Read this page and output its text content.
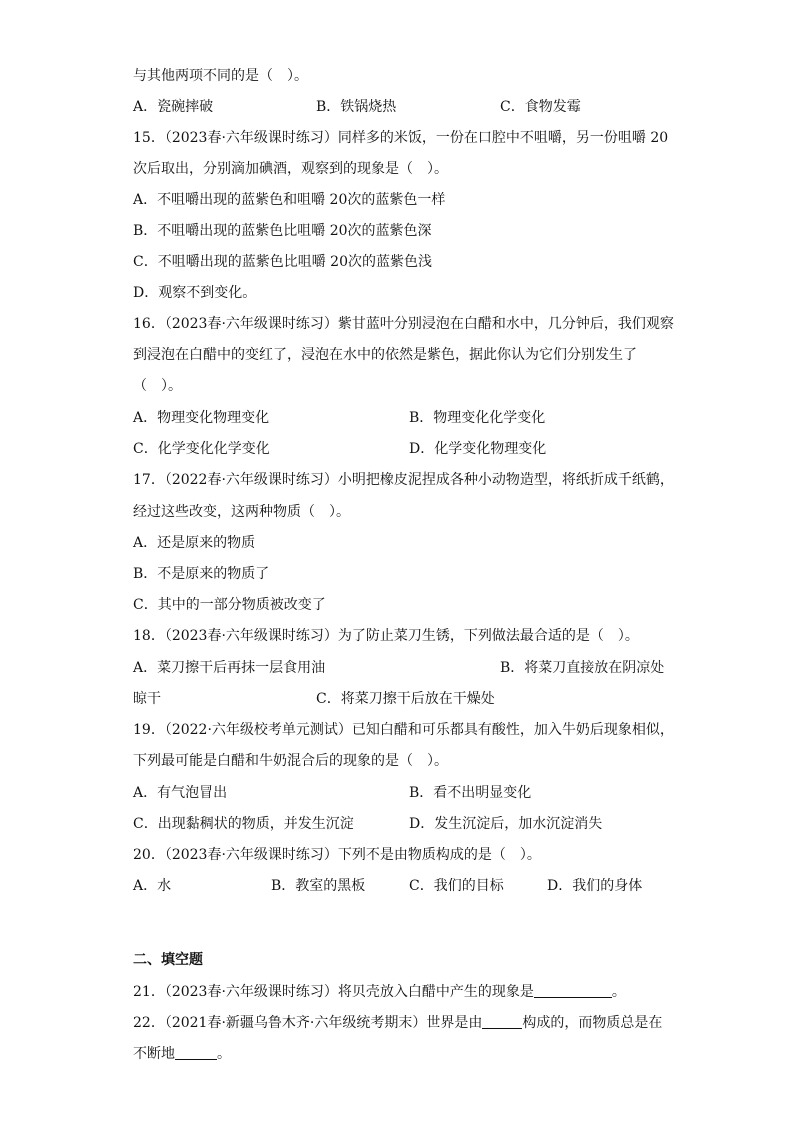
与其他两项不同的是（　）。
A．瓷碗摔破	B．铁锅烧热	C．食物发霉
15．（2023春·六年级课时练习）同样多的米饭，一份在口腔中不咀嚼，另一份咀嚼 20
次后取出，分别滴加碘酒，观察到的现象是（　）。
A．不咀嚼出现的蓝紫色和咀嚼 20次的蓝紫色一样
B．不咀嚼出现的蓝紫色比咀嚼 20次的蓝紫色深
C．不咀嚼出现的蓝紫色比咀嚼 20次的蓝紫色浅
D．观察不到变化。
16．（2023春·六年级课时练习）紫甘蓝叶分别浸泡在白醋和水中，几分钟后，我们观察
到浸泡在白醋中的变红了，浸泡在水中的依然是紫色，据此你认为它们分别发生了
（　）。
A．物理变化物理变化	B．物理变化化学变化
C．化学变化化学变化	D．化学变化物理变化
17．（2022春·六年级课时练习）小明把橡皮泥捏成各种小动物造型，将纸折成千纸鹤，
经过这些改变，这两种物质（　）。
A．还是原来的物质
B．不是原来的物质了
C．其中的一部分物质被改变了
18．（2023春·六年级课时练习）为了防止菜刀生锈，下列做法最合适的是（　）。
A．菜刀擦干后再抹一层食用油	B．将菜刀直接放在阴凉处
晾干	C．将菜刀擦干后放在干燥处
19．（2022·六年级校考单元测试）已知白醋和可乐都具有酸性，加入牛奶后现象相似，
下列最可能是白醋和牛奶混合后的现象的是（　）。
A．有气泡冒出	B．看不出明显变化
C．出现黏稠状的物质，并发生沉淀	D．发生沉淀后，加水沉淀消失
20．（2023春·六年级课时练习）下列不是由物质构成的是（　）。
A．水	B．教室的黑板	C．我们的目标	D．我们的身体
二、填空题
21．（2023春·六年级课时练习）将贝壳放入白醋中产生的现象是	。
22．（2021春·新疆乌鲁木齐·六年级统考期末）世界是由	构成的，而物质总是在
不断地	。
